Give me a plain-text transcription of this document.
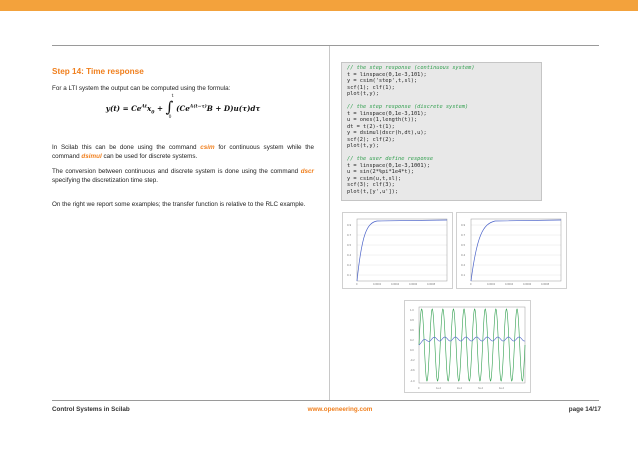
Step 14: Time response

For a LTI system the output can be computed using the formula:

$y(t) = Ce^{At}x_0$ + ∫
t
0
$(Ce^{A(t-\tau)}B + D)u(\tau)d\tau$

In Scilab this can be done using the command csim for continuous system while the command dsimul can be used for discrete systems.

The conversion between continuous and discrete system is done using the command dscr specifying the discretization time step.

On the right we report some examples; the transfer function is relative to the RLC example.

// the step response (continuous system)
t = linspace(0,1e-3,101);
y = csim('step',t,sl);
scf(1); clf(1);
plot(t,y);
// the step response (discrete system)
t = linspace(0,1e-3,101);
u = ones(1,length(t));
dt = t(2)-t(1);
y = dsimul(dscr(h,dt),u);
scf(2); clf(2);
plot(t,y);
// the user define response
t = linspace(0,1e-3,1001);
u = sin(2*%pi*1e4*t);
y = csim(u,t,sl);
scf(3); clf(3);
plot(t,[y',u']);
0.9
0.7
0.5
0.4
0.2
0.1
0	0.0002	0.0004	0.0006	0.0008
0.9
0.7
0.5
0.4
0.2
0.1
0	0.0002	0.0004	0.0006	0.0008
1.0
0.8
0.6
0.2
0.0
-0.2
-0.6
-1.0
0	1e-4	2e-4	3e-4	4e-4
Control Systems in Scilab	www.openeering.com	page 14/17
